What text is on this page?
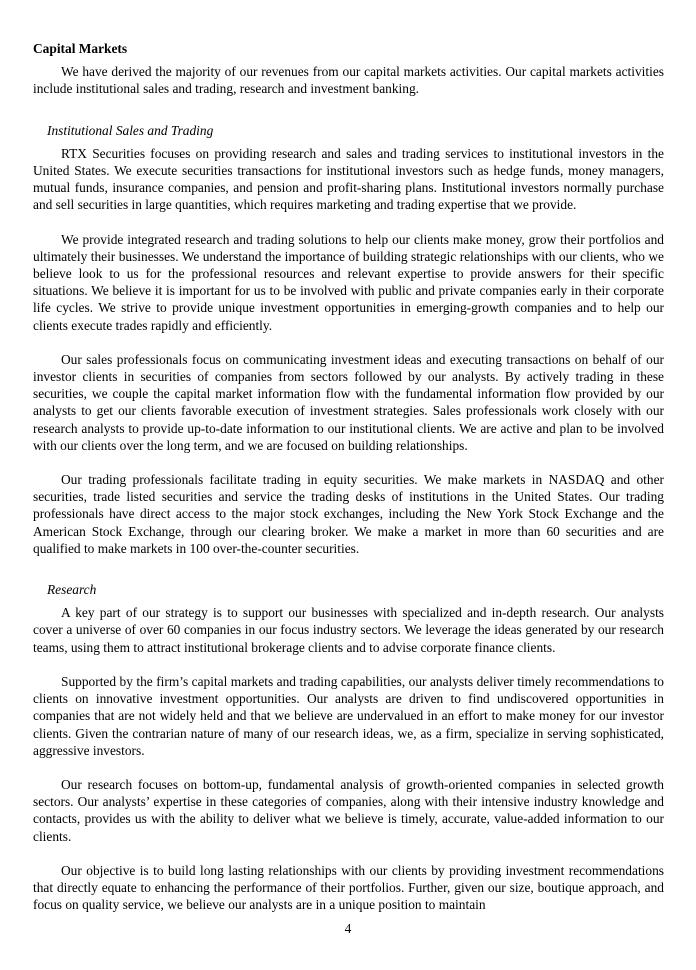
Capital Markets

We have derived the majority of our revenues from our capital markets activities. Our capital markets activities include institutional sales and trading, research and investment banking.

Institutional Sales and Trading

RTX Securities focuses on providing research and sales and trading services to institutional investors in the United States. We execute securities transactions for institutional investors such as hedge funds, money managers, mutual funds, insurance companies, and pension and profit-sharing plans. Institutional investors normally purchase and sell securities in large quantities, which requires marketing and trading expertise that we provide.

We provide integrated research and trading solutions to help our clients make money, grow their portfolios and ultimately their businesses. We understand the importance of building strategic relationships with our clients, who we believe look to us for the professional resources and relevant expertise to provide answers for their specific situations. We believe it is important for us to be involved with public and private companies early in their corporate life cycles. We strive to provide unique investment opportunities in emerging-growth companies and to help our clients execute trades rapidly and efficiently.

Our sales professionals focus on communicating investment ideas and executing transactions on behalf of our investor clients in securities of companies from sectors followed by our analysts. By actively trading in these securities, we couple the capital market information flow with the fundamental information flow provided by our analysts to get our clients favorable execution of investment strategies. Sales professionals work closely with our research analysts to provide up-to-date information to our institutional clients. We are active and plan to be involved with our clients over the long term, and we are focused on building relationships.

Our trading professionals facilitate trading in equity securities. We make markets in NASDAQ and other securities, trade listed securities and service the trading desks of institutions in the United States. Our trading professionals have direct access to the major stock exchanges, including the New York Stock Exchange and the American Stock Exchange, through our clearing broker. We make a market in more than 60 securities and are qualified to make markets in 100 over-the-counter securities.

Research

A key part of our strategy is to support our businesses with specialized and in-depth research. Our analysts cover a universe of over 60 companies in our focus industry sectors. We leverage the ideas generated by our research teams, using them to attract institutional brokerage clients and to advise corporate finance clients.

Supported by the firm’s capital markets and trading capabilities, our analysts deliver timely recommendations to clients on innovative investment opportunities. Our analysts are driven to find undiscovered opportunities in companies that are not widely held and that we believe are undervalued in an effort to make money for our investor clients. Given the contrarian nature of many of our research ideas, we, as a firm, specialize in serving sophisticated, aggressive investors.

Our research focuses on bottom-up, fundamental analysis of growth-oriented companies in selected growth sectors. Our analysts’ expertise in these categories of companies, along with their intensive industry knowledge and contacts, provides us with the ability to deliver what we believe is timely, accurate, value-added information to our clients.

Our objective is to build long lasting relationships with our clients by providing investment recommendations that directly equate to enhancing the performance of their portfolios. Further, given our size, boutique approach, and focus on quality service, we believe our analysts are in a unique position to maintain

4
